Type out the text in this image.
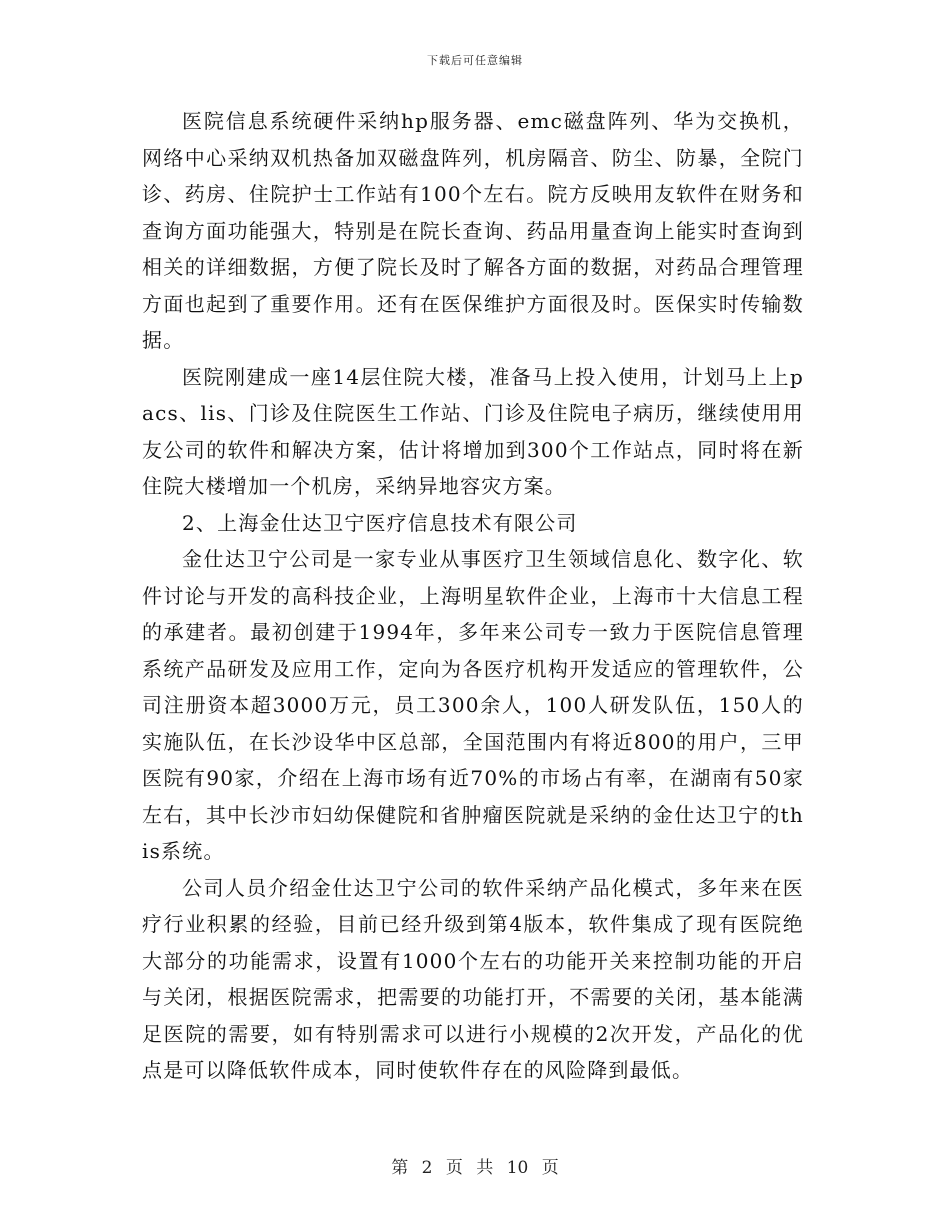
下载后可任意编辑

医院信息系统硬件采纳hp服务器、emc磁盘阵列、华为交换机，网络中心采纳双机热备加双磁盘阵列，机房隔音、防尘、防暴，全院门诊、药房、住院护士工作站有100个左右。院方反映用友软件在财务和查询方面功能强大，特别是在院长查询、药品用量查询上能实时查询到相关的详细数据，方便了院长及时了解各方面的数据，对药品合理管理方面也起到了重要作用。还有在医保维护方面很及时。医保实时传输数据。

医院刚建成一座14层住院大楼，准备马上投入使用，计划马上上pacs、lis、门诊及住院医生工作站、门诊及住院电子病历，继续使用用友公司的软件和解决方案，估计将增加到300个工作站点，同时将在新住院大楼增加一个机房，采纳异地容灾方案。

2、上海金仕达卫宁医疗信息技术有限公司

金仕达卫宁公司是一家专业从事医疗卫生领域信息化、数字化、软件讨论与开发的高科技企业，上海明星软件企业，上海市十大信息工程的承建者。最初创建于1994年，多年来公司专一致力于医院信息管理系统产品研发及应用工作，定向为各医疗机构开发适应的管理软件，公司注册资本超3000万元，员工300余人，100人研发队伍，150人的实施队伍，在长沙设华中区总部，全国范围内有将近800的用户，三甲医院有90家，介绍在上海市场有近70%的市场占有率，在湖南有50家左右，其中长沙市妇幼保健院和省肿瘤医院就是采纳的金仕达卫宁的this系统。

公司人员介绍金仕达卫宁公司的软件采纳产品化模式，多年来在医疗行业积累的经验，目前已经升级到第4版本，软件集成了现有医院绝大部分的功能需求，设置有1000个左右的功能开关来控制功能的开启与关闭，根据医院需求，把需要的功能打开，不需要的关闭，基本能满足医院的需要，如有特别需求可以进行小规模的2次开发，产品化的优点是可以降低软件成本，同时使软件存在的风险降到最低。

第 2 页 共 10 页
